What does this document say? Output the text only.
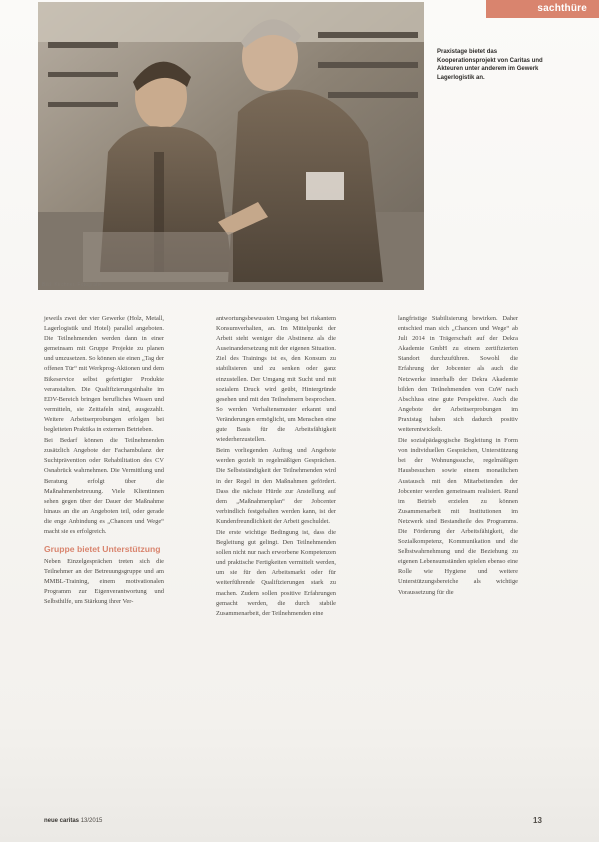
sachthüre
Bild: Kirchner, Fotografie
Praxistage bietet das Kooperationsprojekt von Caritas und Akteuren unter anderem im Gewerk Lagerlogistik an.

jeweils zwei der vier Gewerke (Holz, Metall, Lagerlogistik und Hotel) parallel angeboten. Die Teilnehmenden werden dann in einer gemeinsam mit Gruppe Projekte zu planen und umzusetzen. So können sie einen „Tag der offenen Tür“ mit Werkprog-Aktionen und dem Bikeservice selbst gefertigter Produkte veranstalten. Die Qualifizierungsinhalte im EDV-Bereich bringen berufliches Wissen und vermitteln, sie Zeittafeln sind, ausgezahlt. Weitere Arbeitserprobungen erfolgen bei begleiteten Praktika in externen Betrieben.

Bei Bedarf können die Teilnehmenden zusätzlich Angebote der Fachambulanz der Suchtprävention oder Rehabilitation des CV Osnabrück wahrnehmen. Die Vermittlung und Beratung erfolgt über die Maßnahmenbetreuung. Viele Klientinnen sehen gegen über der Dauer der Maßnahme hinaus an die an Angeboten teil, oder gerade die enge Anbindung es „Chancen und Wege“ macht sie es erfolgreich.

Gruppe bietet Unterstützung

Neben Einzelgesprächen treten sich die Teilnehmer an der Betreuungsgruppe und am MMBL-Training, einem motivationalen Programm zur Eigenverantwortung und Selbsthilfe, um Stärkung ihrer Ver-

antwortungsbewussten Umgang bei riskantem Konsumverhalten, an. Im Mittelpunkt der Arbeit steht weniger die Abstinenz als die Auseinandersetzung mit der eigenen Situation. Ziel des Trainings ist es, den Konsum zu stabilisieren und zu senken oder ganz einzustellen. Der Umgang mit Sucht und mit sozialem Druck wird geübt, Hintergründe gesehen und mit den Teilnehmern besprochen. So werden Verhaltensmuster erkannt und Veränderungen ermöglicht, um Menschen eine gute Basis für die Arbeitsfähigkeit wiederherzustellen.

Beim vorliegenden Auftrag und Angebote werden gezielt in regelmäßigen Gesprächen. Die Selbstständigkeit der Teilnehmenden wird in der Regel in den Maßnahmen gefördert. Dass die nächste Hürde zur Anstellung auf dem „Maßnahmenplan“ der Jobcenter verbindlich festgehalten werden kann, ist der Kundenfreundlichkeit der Arbeit geschuldet.

Die erste wichtige Bedingung ist, dass die Begleitung gut gelingt. Den Teilnehmenden sollen nicht nur nach erworbene Kompetenzen und praktische Fertigkeiten vermittelt werden, um sie für den Arbeitsmarkt oder für weiterführende Qualifizierungen stark zu machen. Zudem sollen positive Erfahrungen gemacht werden, die durch stabile Zusammenarbeit, der Teilnehmenden eine

langfristige Stabilisierung bewirken. Daher entschied man sich „Chancen und Wege“ ab Juli 2014 in Trägerschaft auf der Dekra Akademie GmbH zu einem zertifizierten Standort durchzuführen. Sowohl die Erfahrung der Jobcenter als auch die Netzwerke innerhalb der Dekra Akademie bilden den Teilnehmenden von CuW nach Abschluss eine gute Perspektive. Auch die Angebote der Arbeitserprobungen im Praxistag haben sich dadurch positiv weiterentwickelt.

Die sozialpädagogische Begleitung in Form von individuellen Gesprächen, Unterstützung bei der Wohnungssuche, regelmäßigen Hausbesuchen sowie einem monatlichen Austausch mit den Mitarbeitenden der Jobcenter werden gemeinsam realisiert. Rund im Betrieb erzielen zu können Zusammenarbeit mit Institutionen im Netzwerk sind Bestandteile des Programms. Die Förderung der Arbeitsfähigkeit, die Sozialkompetenz, Kommunikation und die Selbstwahrnehmung und die Beziehung zu eigenen Lebensumständen spielen ebenso eine Rolle wie Hygiene und weitere Unterstützungsbereiche als wichtige Voraussetzung für die

neue caritas 13/2015	13
